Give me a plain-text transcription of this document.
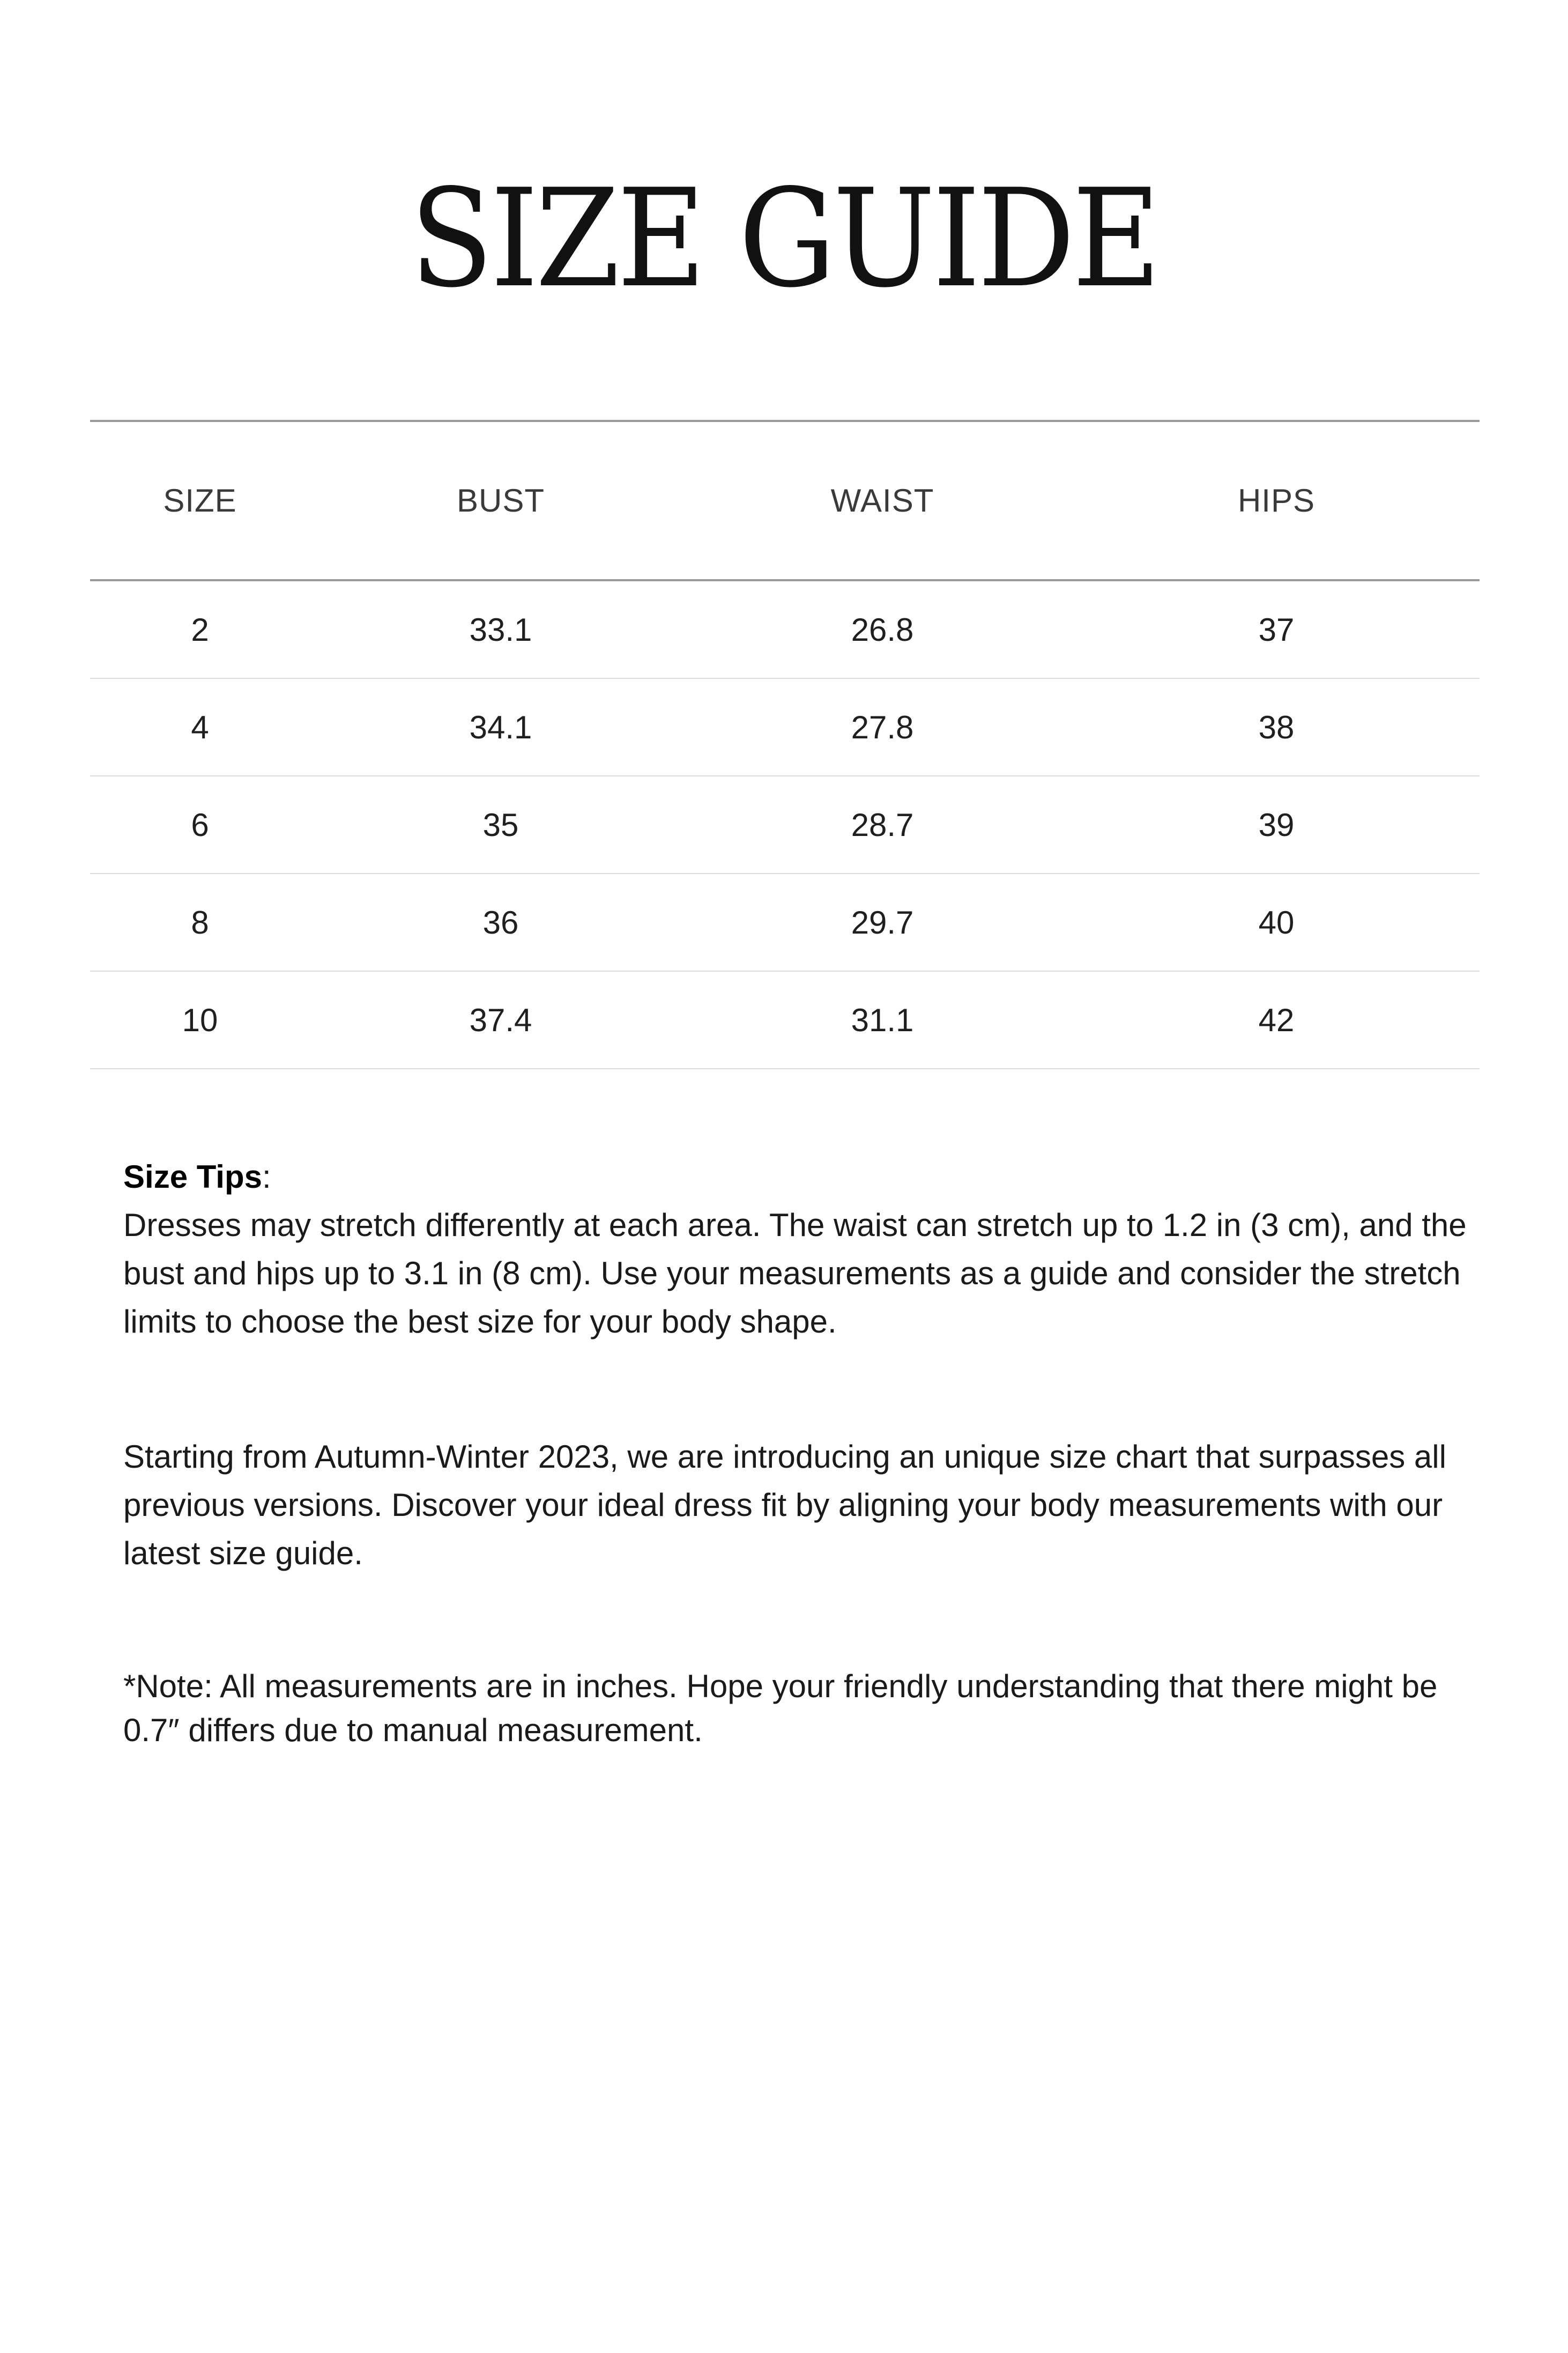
SIZE GUIDE
SIZE	BUST	WAIST	HIPS
2	33.1	26.8	37
4	34.1	27.8	38
6	35	28.7	39
8	36	29.7	40
10	37.4	31.1	42

Size Tips:

Dresses may stretch differently at each area. The waist can stretch up to 1.2 in (3 cm), and the bust and hips up to 3.1 in (8 cm). Use your measurements as a guide and consider the stretch limits to choose the best size for your body shape.

Starting from Autumn-Winter 2023, we are introducing an unique size chart that surpasses all previous versions. Discover your ideal dress fit by aligning your body measurements with our latest size guide.

*Note: All measurements are in inches. Hope your friendly understanding that there might be 0.7″ differs due to manual measurement.
